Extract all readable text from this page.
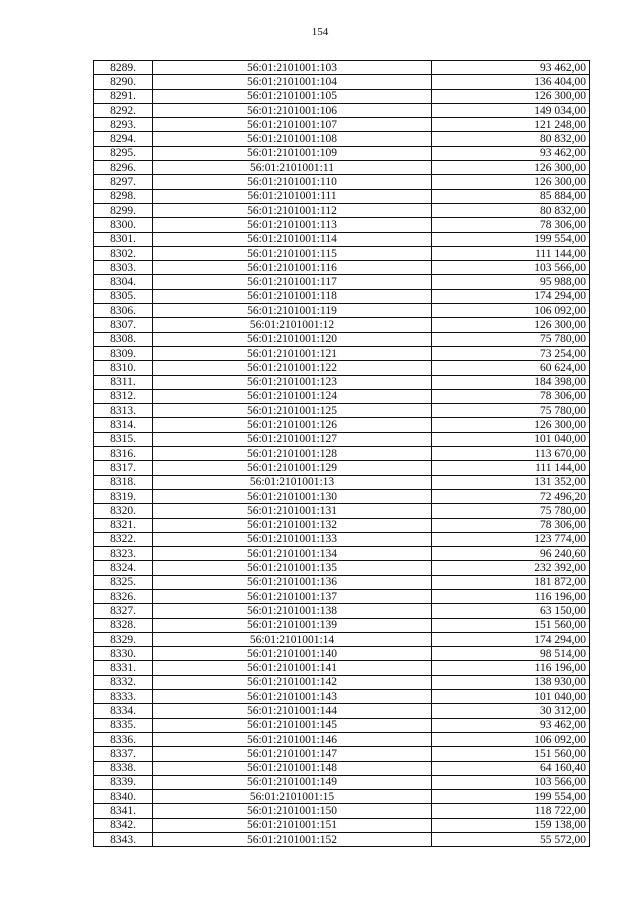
154
8289.	56:01:2101001:103	93 462,00
8290.	56:01:2101001:104	136 404,00
8291.	56:01:2101001:105	126 300,00
8292.	56:01:2101001:106	149 034,00
8293.	56:01:2101001:107	121 248,00
8294.	56:01:2101001:108	80 832,00
8295.	56:01:2101001:109	93 462,00
8296.	56:01:2101001:11	126 300,00
8297.	56:01:2101001:110	126 300,00
8298.	56:01:2101001:111	85 884,00
8299.	56:01:2101001:112	80 832,00
8300.	56:01:2101001:113	78 306,00
8301.	56:01:2101001:114	199 554,00
8302.	56:01:2101001:115	111 144,00
8303.	56:01:2101001:116	103 566,00
8304.	56:01:2101001:117	95 988,00
8305.	56:01:2101001:118	174 294,00
8306.	56:01:2101001:119	106 092,00
8307.	56:01:2101001:12	126 300,00
8308.	56:01:2101001:120	75 780,00
8309.	56:01:2101001:121	73 254,00
8310.	56:01:2101001:122	60 624,00
8311.	56:01:2101001:123	184 398,00
8312.	56:01:2101001:124	78 306,00
8313.	56:01:2101001:125	75 780,00
8314.	56:01:2101001:126	126 300,00
8315.	56:01:2101001:127	101 040,00
8316.	56:01:2101001:128	113 670,00
8317.	56:01:2101001:129	111 144,00
8318.	56:01:2101001:13	131 352,00
8319.	56:01:2101001:130	72 496,20
8320.	56:01:2101001:131	75 780,00
8321.	56:01:2101001:132	78 306,00
8322.	56:01:2101001:133	123 774,00
8323.	56:01:2101001:134	96 240,60
8324.	56:01:2101001:135	232 392,00
8325.	56:01:2101001:136	181 872,00
8326.	56:01:2101001:137	116 196,00
8327.	56:01:2101001:138	63 150,00
8328.	56:01:2101001:139	151 560,00
8329.	56:01:2101001:14	174 294,00
8330.	56:01:2101001:140	98 514,00
8331.	56:01:2101001:141	116 196,00
8332.	56:01:2101001:142	138 930,00
8333.	56:01:2101001:143	101 040,00
8334.	56:01:2101001:144	30 312,00
8335.	56:01:2101001:145	93 462,00
8336.	56:01:2101001:146	106 092,00
8337.	56:01:2101001:147	151 560,00
8338.	56:01:2101001:148	64 160,40
8339.	56:01:2101001:149	103 566,00
8340.	56:01:2101001:15	199 554,00
8341.	56:01:2101001:150	118 722,00
8342.	56:01:2101001:151	159 138,00
8343.	56:01:2101001:152	55 572,00
